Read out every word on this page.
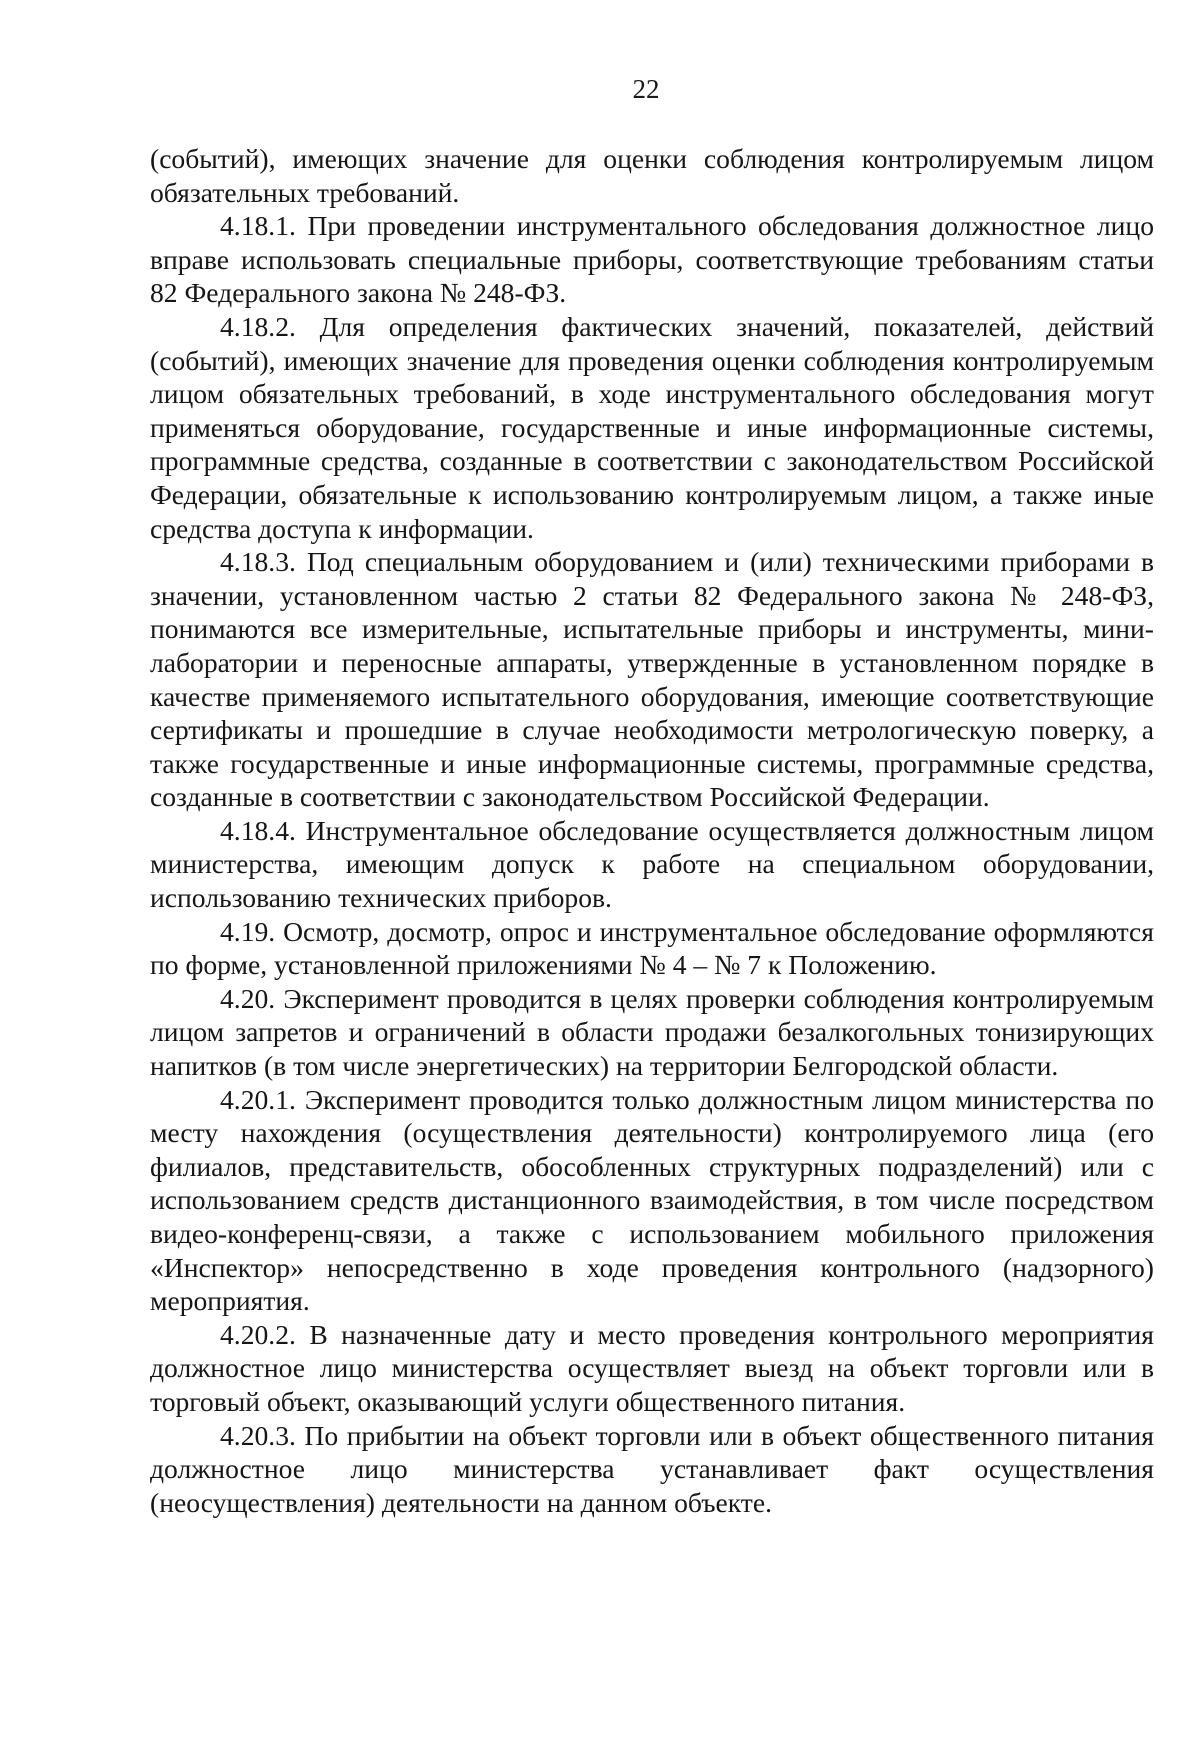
22

(событий), имеющих значение для оценки соблюдения контролируемым лицом обязательных требований.

4.18.1. При проведении инструментального обследования должностное лицо вправе использовать специальные приборы, соответствующие требованиям статьи 82 Федерального закона № 248-ФЗ.

4.18.2. Для определения фактических значений, показателей, действий (событий), имеющих значение для проведения оценки соблюдения контролируемым лицом обязательных требований, в ходе инструментального обследования могут применяться оборудование, государственные и иные информационные системы, программные средства, созданные в соответствии с законодательством Российской Федерации, обязательные к использованию контролируемым лицом, а также иные средства доступа к информации.

4.18.3. Под специальным оборудованием и (или) техническими приборами в значении, установленном частью 2 статьи 82 Федерального закона № 248-ФЗ, понимаются все измерительные, испытательные приборы и инструменты, мини-лаборатории и переносные аппараты, утвержденные в установленном порядке в качестве применяемого испытательного оборудования, имеющие соответствующие сертификаты и прошедшие в случае необходимости метрологическую поверку, а также государственные и иные информационные системы, программные средства, созданные в соответствии с законодательством Российской Федерации.

4.18.4. Инструментальное обследование осуществляется должностным лицом министерства, имеющим допуск к работе на специальном оборудовании, использованию технических приборов.

4.19. Осмотр, досмотр, опрос и инструментальное обследование оформляются по форме, установленной приложениями № 4 – № 7 к Положению.

4.20. Эксперимент проводится в целях проверки соблюдения контролируемым лицом запретов и ограничений в области продажи безалкогольных тонизирующих напитков (в том числе энергетических) на территории Белгородской области.

4.20.1. Эксперимент проводится только должностным лицом министерства по месту нахождения (осуществления деятельности) контролируемого лица (его филиалов, представительств, обособленных структурных подразделений) или с использованием средств дистанционного взаимодействия, в том числе посредством видео-конференц-связи, а также с использованием мобильного приложения «Инспектор» непосредственно в ходе проведения контрольного (надзорного) мероприятия.

4.20.2. В назначенные дату и место проведения контрольного мероприятия должностное лицо министерства осуществляет выезд на объект торговли или в торговый объект, оказывающий услуги общественного питания.

4.20.3. По прибытии на объект торговли или в объект общественного питания должностное лицо министерства устанавливает факт осуществления (неосуществления) деятельности на данном объекте.
